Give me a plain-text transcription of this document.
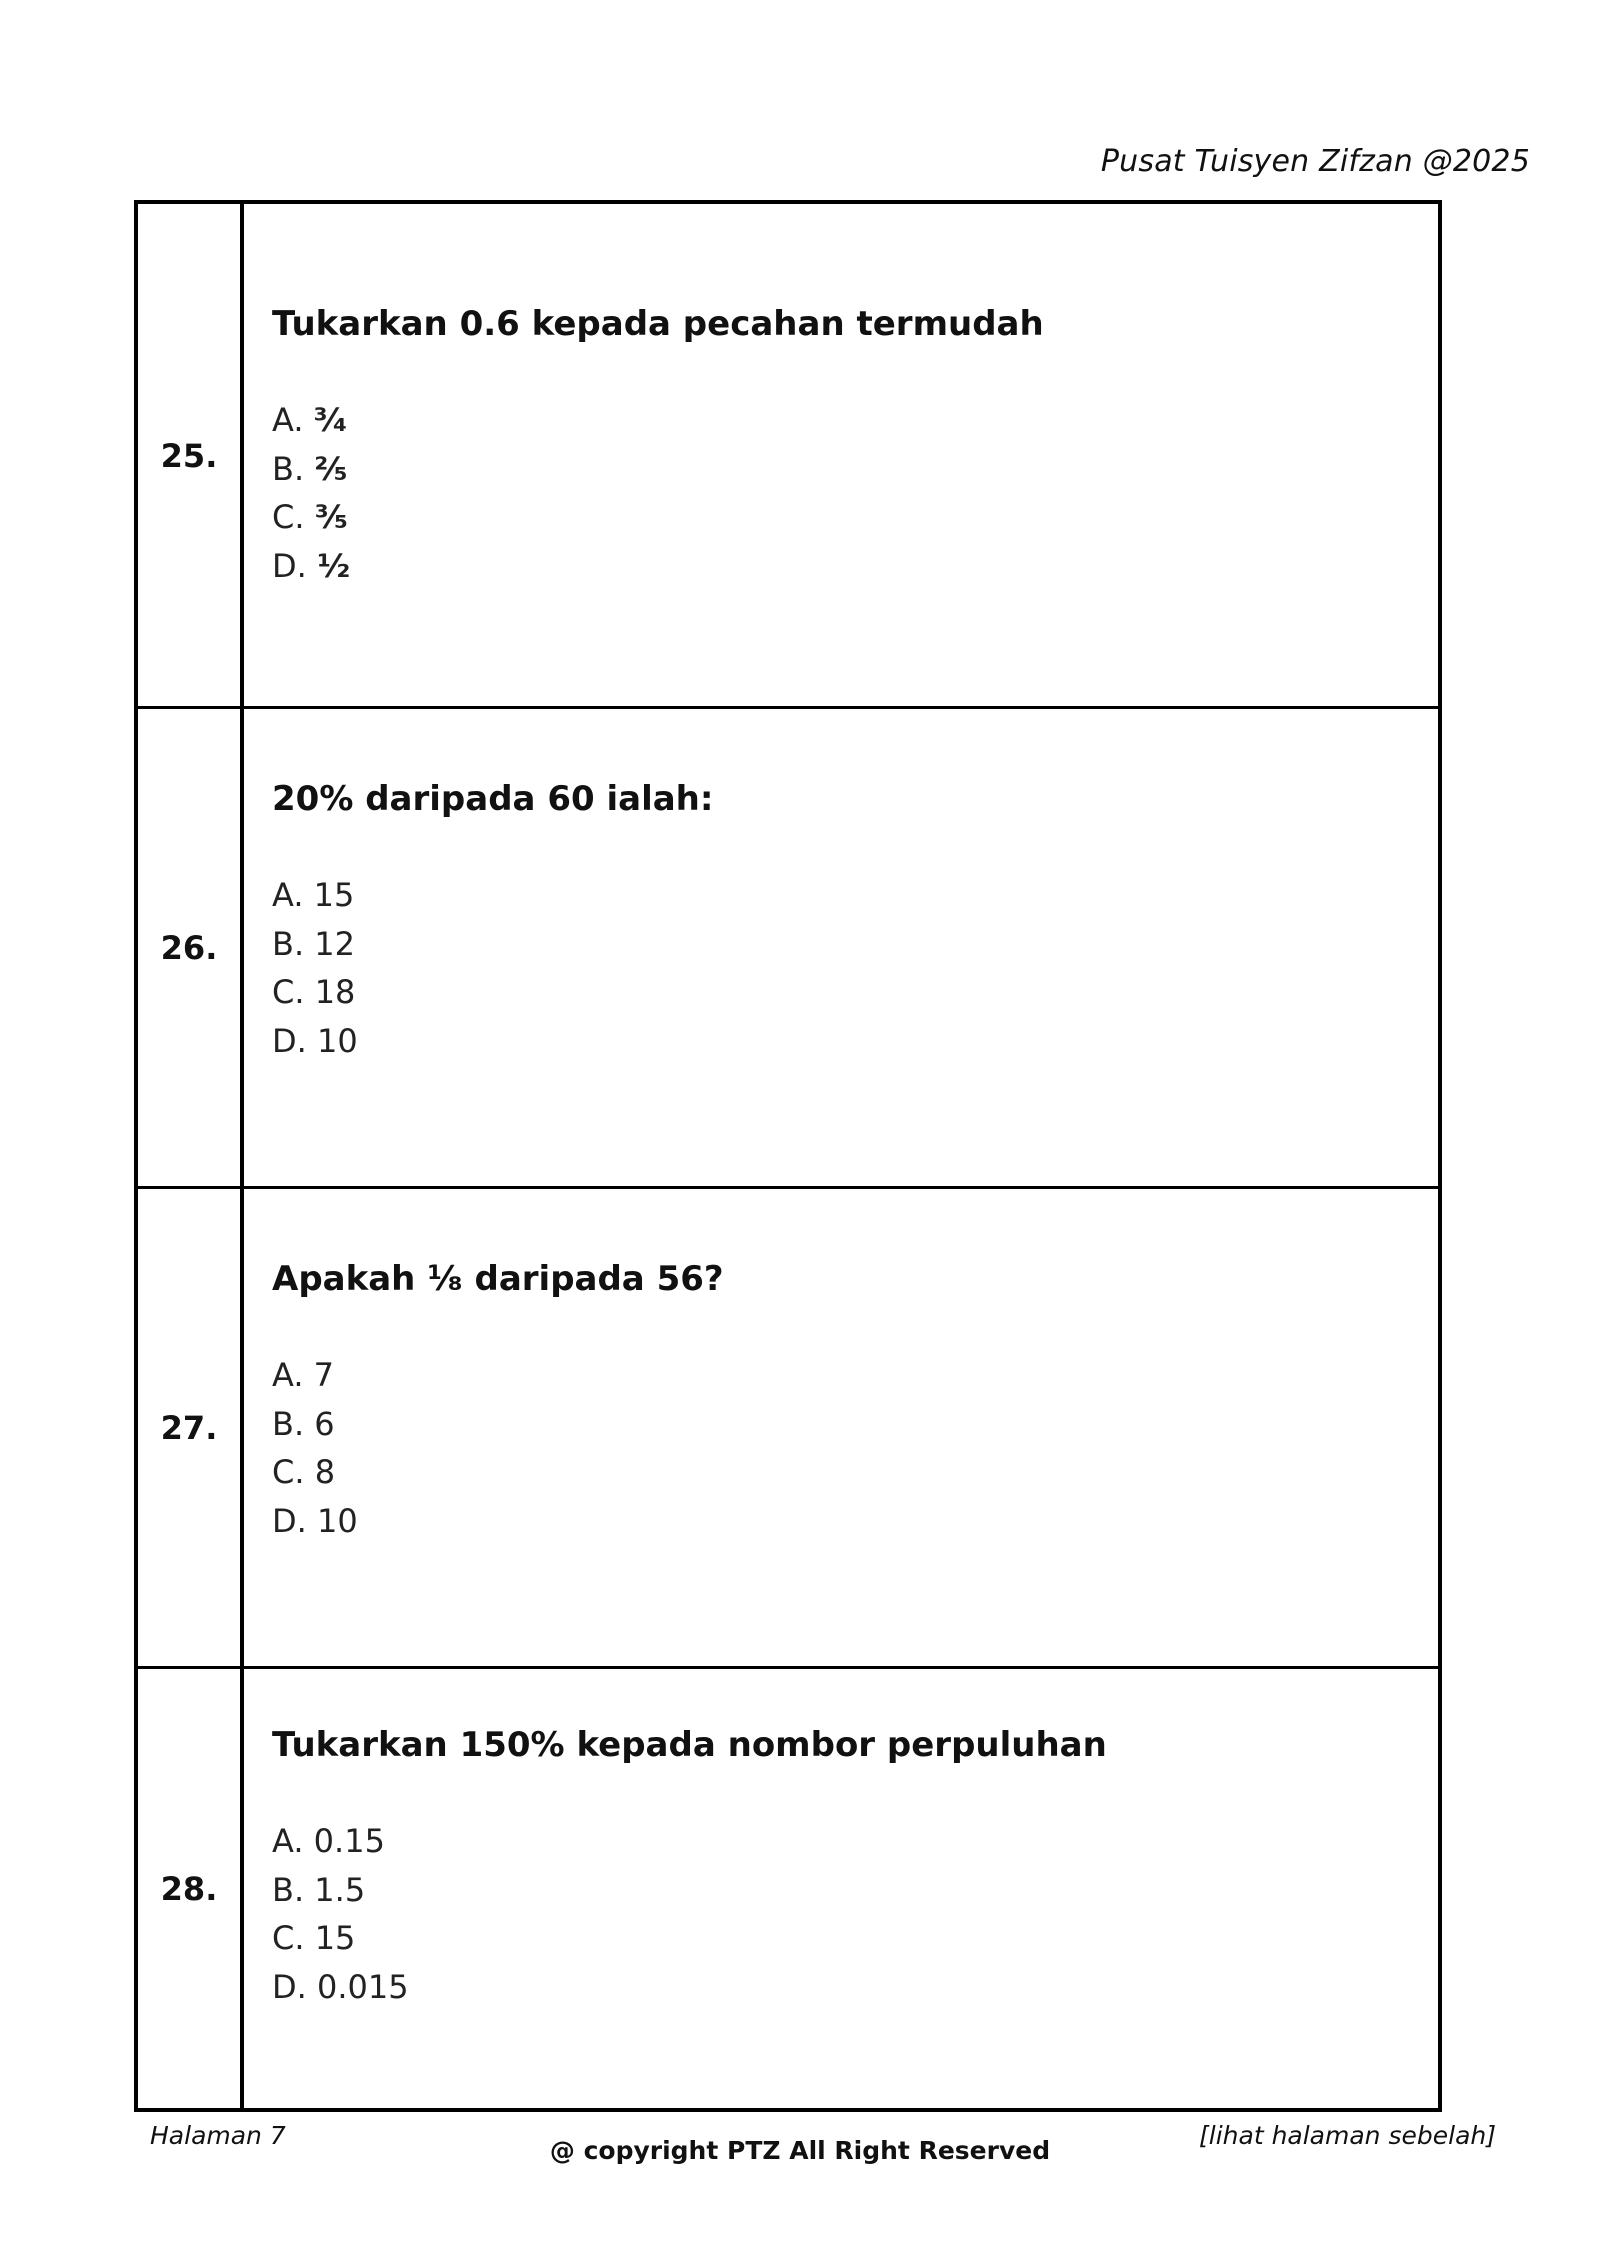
Pusat Tuisyen Zifzan @2025
25.
Tukarkan 0.6 kepada pecahan termudah
A. ³⁄₄
B. ²⁄₅
C. ³⁄₅
D. ¹⁄₂
26.
20% daripada 60 ialah:
A. 15
B. 12
C. 18
D. 10
27.
Apakah ¹⁄₈ daripada 56?
A. 7
B. 6
C. 8
D. 10
28.
Tukarkan 150% kepada nombor perpuluhan
A. 0.15
B. 1.5
C. 15
D. 0.015
Halaman 7
@ copyright PTZ All Right Reserved
[lihat halaman sebelah]
